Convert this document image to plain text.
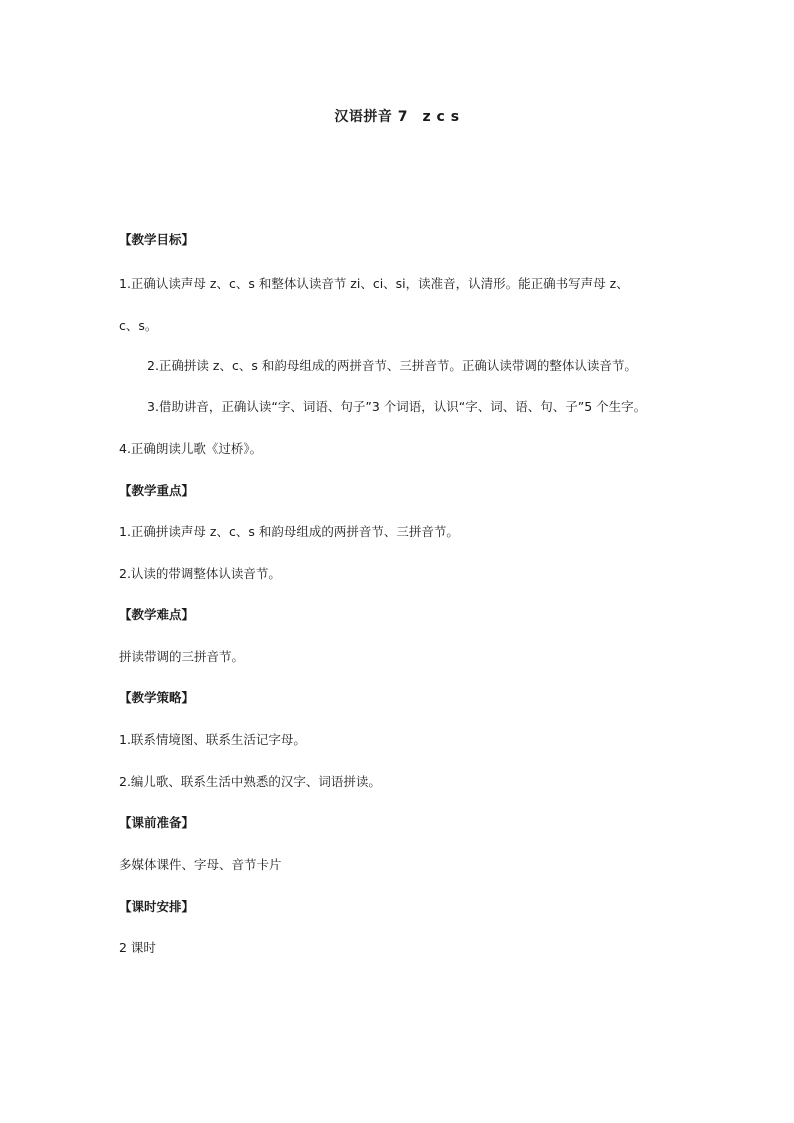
汉语拼音 7　z c s
【教学目标】
1.正确认读声母 z、c、s 和整体认读音节 zi、ci、si，读准音，认清形。能正确书写声母 z、
c、s。
2.正确拼读 z、c、s 和韵母组成的两拼音节、三拼音节。正确认读带调的整体认读音节。
3.借助讲音，正确认读“字、词语、句子”3 个词语，认识“字、词、语、句、子”5 个生字。
4.正确朗读儿歌《过桥》。
【教学重点】
1.正确拼读声母 z、c、s 和韵母组成的两拼音节、三拼音节。
2.认读的带调整体认读音节。
【教学难点】
拼读带调的三拼音节。
【教学策略】
1.联系情境图、联系生活记字母。
2.编儿歌、联系生活中熟悉的汉字、词语拼读。
【课前准备】
多媒体课件、字母、音节卡片
【课时安排】
2 课时
